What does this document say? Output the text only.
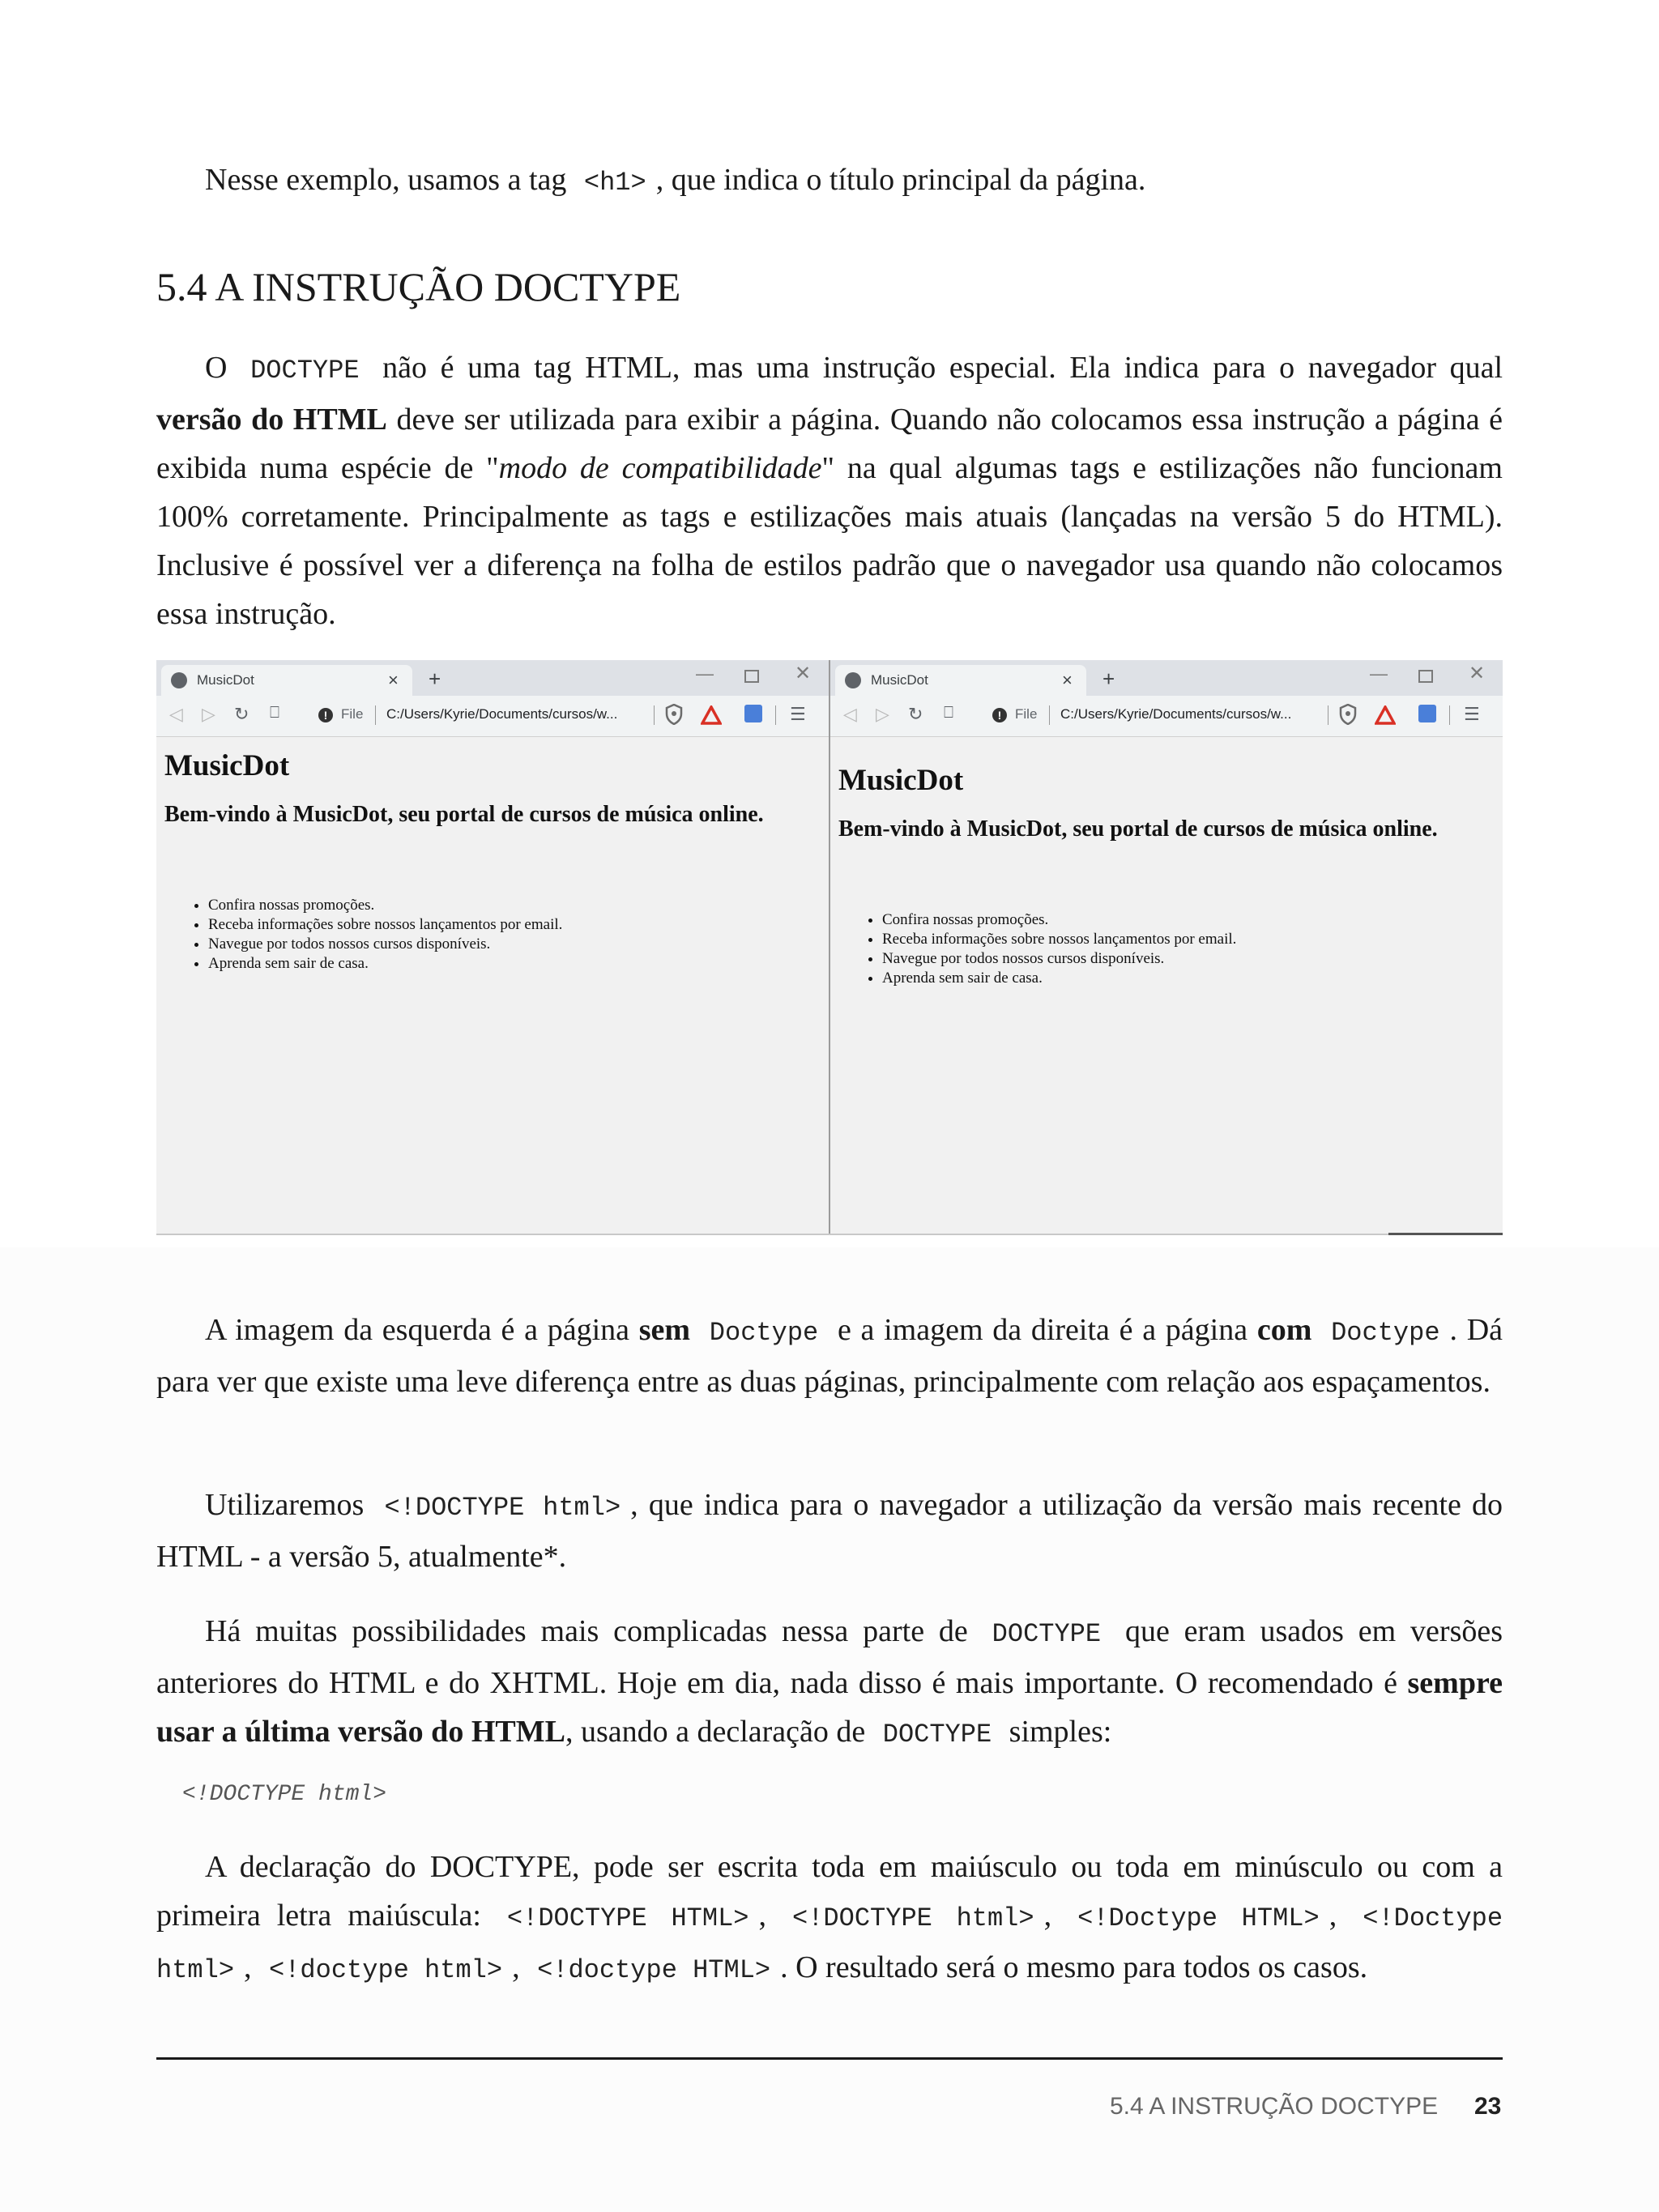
Nesse exemplo, usamos a tag <h1> , que indica o título principal da página.

5.4 A INSTRUÇÃO DOCTYPE

O DOCTYPE não é uma tag HTML, mas uma instrução especial. Ela indica para o navegador qual versão do HTML deve ser utilizada para exibir a página. Quando não colocamos essa instrução a página é exibida numa espécie de "modo de compatibilidade" na qual algumas tags e estilizações não funcionam 100% corretamente. Principalmente as tags e estilizações mais atuais (lançadas na versão 5 do HTML). Inclusive é possível ver a diferença na folha de estilos padrão que o navegador usa quando não colocamos essa instrução.

MusicDot	× +	—	✕
◁ ▷ ↻ ⎕	! File C:/Users/Kyrie/Documents/cursos/w...	☰
MusicDot
Bem-vindo à MusicDot, seu portal de cursos de música online.
• Confira nossas promoções.
• Receba informações sobre nossos lançamentos por email.
• Navegue por todos nossos cursos disponíveis.
• Aprenda sem sair de casa.
MusicDot	× +	—	✕
◁ ▷ ↻ ⎕	! File C:/Users/Kyrie/Documents/cursos/w...	☰
MusicDot
Bem-vindo à MusicDot, seu portal de cursos de música online.
• Confira nossas promoções.
• Receba informações sobre nossos lançamentos por email.
• Navegue por todos nossos cursos disponíveis.
• Aprenda sem sair de casa.

A imagem da esquerda é a página sem Doctype e a imagem da direita é a página com Doctype . Dá para ver que existe uma leve diferença entre as duas páginas, principalmente com relação aos espaçamentos.

Utilizaremos <!DOCTYPE html> , que indica para o navegador a utilização da versão mais recente do HTML - a versão 5, atualmente*.

Há muitas possibilidades mais complicadas nessa parte de DOCTYPE que eram usados em versões anteriores do HTML e do XHTML. Hoje em dia, nada disso é mais importante. O recomendado é sempre usar a última versão do HTML, usando a declaração de DOCTYPE simples:

<!DOCTYPE html>

A declaração do DOCTYPE, pode ser escrita toda em maiúsculo ou toda em minúsculo ou com a primeira letra maiúscula: <!DOCTYPE HTML> , <!DOCTYPE html> , <!Doctype HTML> , <!Doctype html> , <!doctype html> , <!doctype HTML> . O resultado será o mesmo para todos os casos.

5.4 A INSTRUÇÃO DOCTYPE 23
